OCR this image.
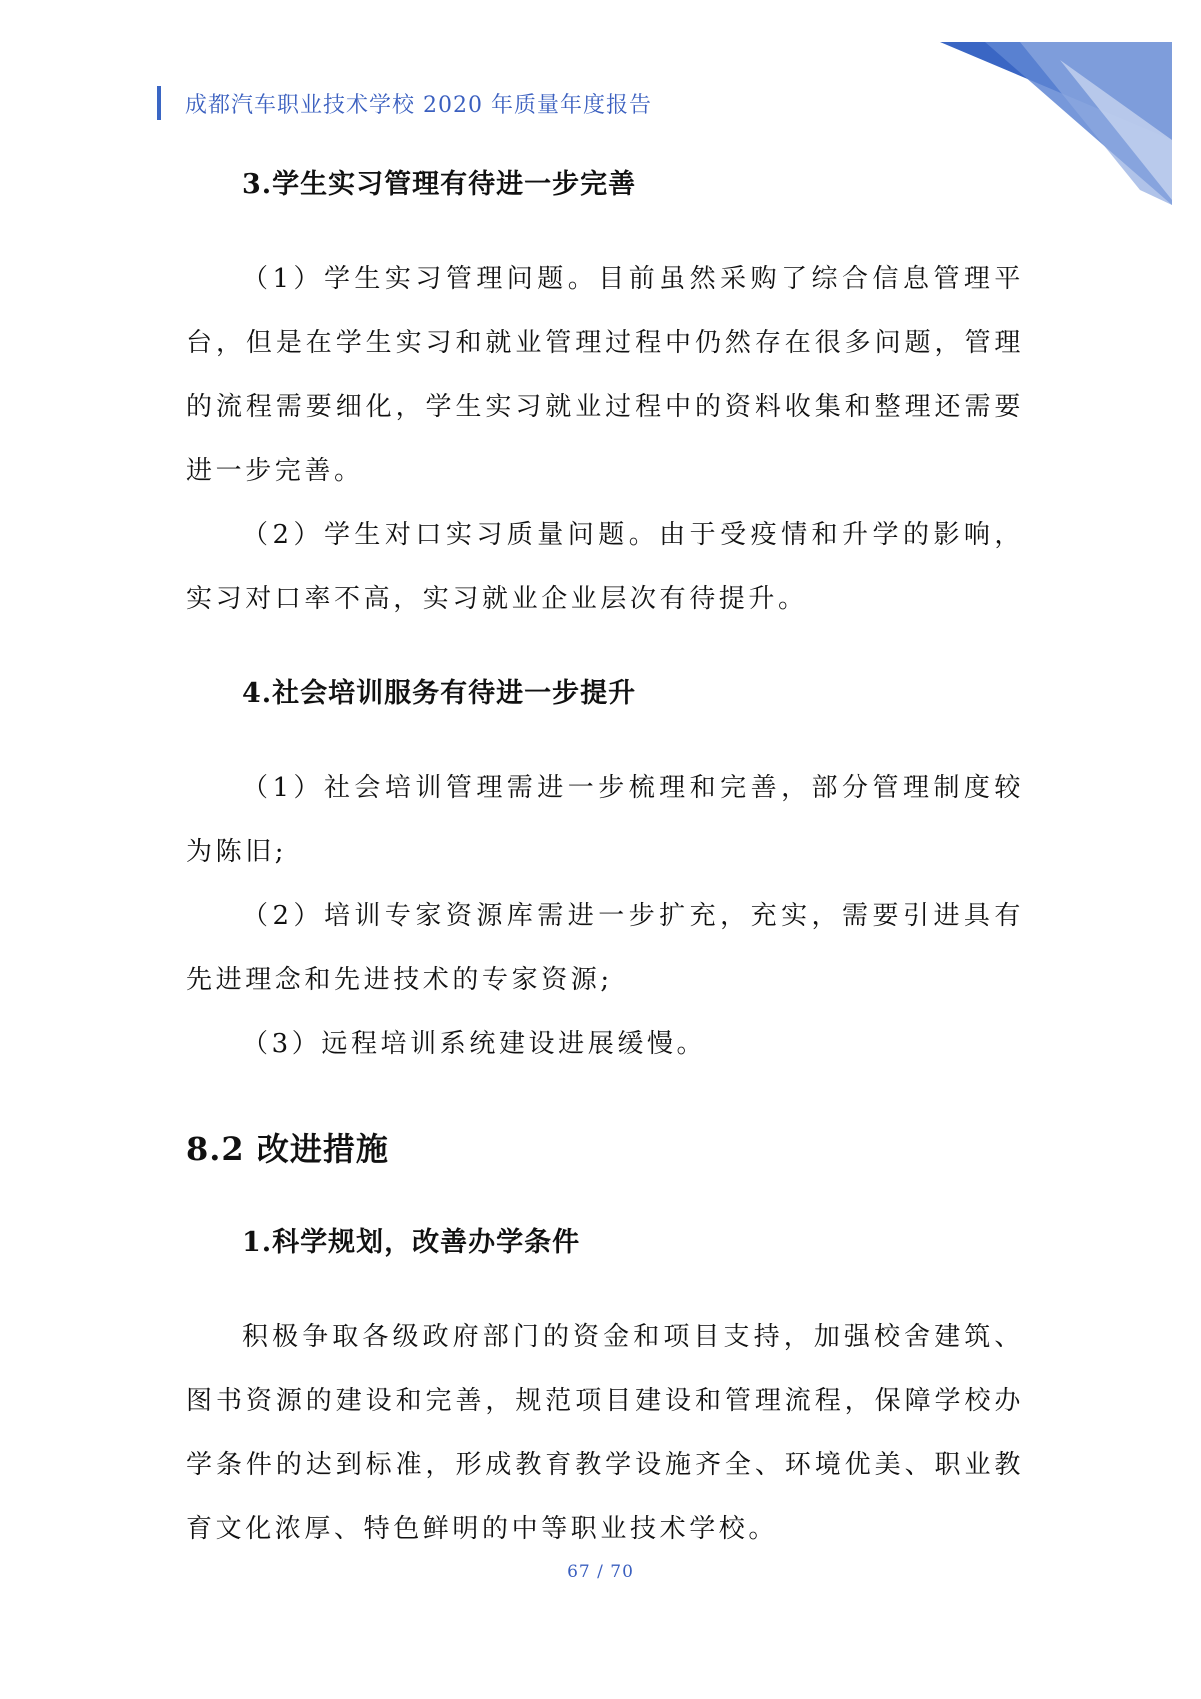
成都汽车职业技术学校 2020 年质量年度报告

3.学生实习管理有待进一步完善

（1）学生实习管理问题。目前虽然采购了综合信息管理平台，但是在学生实习和就业管理过程中仍然存在很多问题，管理的流程需要细化，学生实习就业过程中的资料收集和整理还需要进一步完善。

（2）学生对口实习质量问题。由于受疫情和升学的影响，实习对口率不高，实习就业企业层次有待提升。

4.社会培训服务有待进一步提升

（1）社会培训管理需进一步梳理和完善，部分管理制度较为陈旧;

（2）培训专家资源库需进一步扩充，充实，需要引进具有先进理念和先进技术的专家资源;

（3）远程培训系统建设进展缓慢。

8.2 改进措施

1.科学规划，改善办学条件

积极争取各级政府部门的资金和项目支持，加强校舍建筑、图书资源的建设和完善，规范项目建设和管理流程，保障学校办学条件的达到标准，形成教育教学设施齐全、环境优美、职业教育文化浓厚、特色鲜明的中等职业技术学校。

67 / 70
